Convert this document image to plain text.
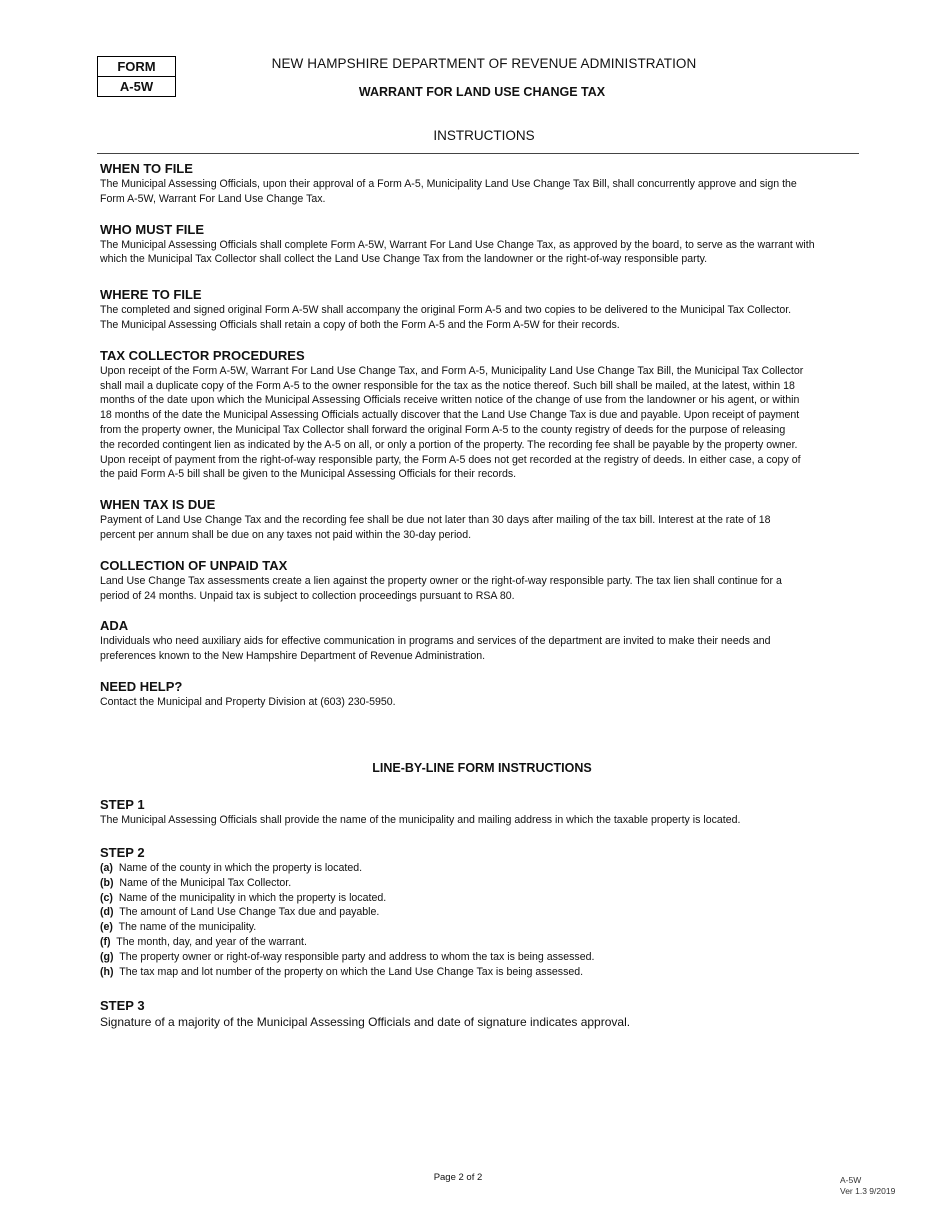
FORM
A-5W
NEW HAMPSHIRE DEPARTMENT OF REVENUE ADMINISTRATION
WARRANT FOR LAND USE CHANGE TAX
INSTRUCTIONS

WHEN TO FILE

The Municipal Assessing Officials, upon their approval of a Form A-5, Municipality Land Use Change Tax Bill, shall concurrently approve and sign the

Form A-5W, Warrant For Land Use Change Tax.

WHO MUST FILE

The Municipal Assessing Officials shall complete Form A-5W, Warrant For Land Use Change Tax, as approved by the board, to serve as the warrant with

which the Municipal Tax Collector shall collect the Land Use Change Tax from the landowner or the right-of-way responsible party.

WHERE TO FILE

The completed and signed original Form A-5W shall accompany the original Form A-5 and two copies to be delivered to the Municipal Tax Collector.

The Municipal Assessing Officials shall retain a copy of both the Form A-5 and the Form A-5W for their records.

TAX COLLECTOR PROCEDURES

Upon receipt of the Form A-5W, Warrant For Land Use Change Tax, and Form A-5, Municipality Land Use Change Tax Bill, the Municipal Tax Collector

shall mail a duplicate copy of the Form A-5 to the owner responsible for the tax as the notice thereof. Such bill shall be mailed, at the latest, within 18

months of the date upon which the Municipal Assessing Officials receive written notice of the change of use from the landowner or his agent, or within

18 months of the date the Municipal Assessing Officials actually discover that the Land Use Change Tax is due and payable. Upon receipt of payment

from the property owner, the Municipal Tax Collector shall forward the original Form A-5 to the county registry of deeds for the purpose of releasing

the recorded contingent lien as indicated by the A-5 on all, or only a portion of the property. The recording fee shall be payable by the property owner.

Upon receipt of payment from the right-of-way responsible party, the Form A-5 does not get recorded at the registry of deeds. In either case, a copy of

the paid Form A-5 bill shall be given to the Municipal Assessing Officials for their records.

WHEN TAX IS DUE

Payment of Land Use Change Tax and the recording fee shall be due not later than 30 days after mailing of the tax bill. Interest at the rate of 18

percent per annum shall be due on any taxes not paid within the 30-day period.

COLLECTION OF UNPAID TAX

Land Use Change Tax assessments create a lien against the property owner or the right-of-way responsible party. The tax lien shall continue for a

period of 24 months. Unpaid tax is subject to collection proceedings pursuant to RSA 80.

ADA

Individuals who need auxiliary aids for effective communication in programs and services of the department are invited to make their needs and

preferences known to the New Hampshire Department of Revenue Administration.

NEED HELP?

Contact the Municipal and Property Division at (603) 230-5950.

LINE-BY-LINE FORM INSTRUCTIONS

STEP 1

The Municipal Assessing Officials shall provide the name of the municipality and mailing address in which the taxable property is located.

STEP 2

(a) Name of the county in which the property is located.

(b) Name of the Municipal Tax Collector.

(c) Name of the municipality in which the property is located.

(d) The amount of Land Use Change Tax due and payable.

(e) The name of the municipality.

(f) The month, day, and year of the warrant.

(g) The property owner or right-of-way responsible party and address to whom the tax is being assessed.

(h) The tax map and lot number of the property on which the Land Use Change Tax is being assessed.

STEP 3

Signature of a majority of the Municipal Assessing Officials and date of signature indicates approval.

Page 2 of 2	A-5W
Ver 1.3 9/2019
